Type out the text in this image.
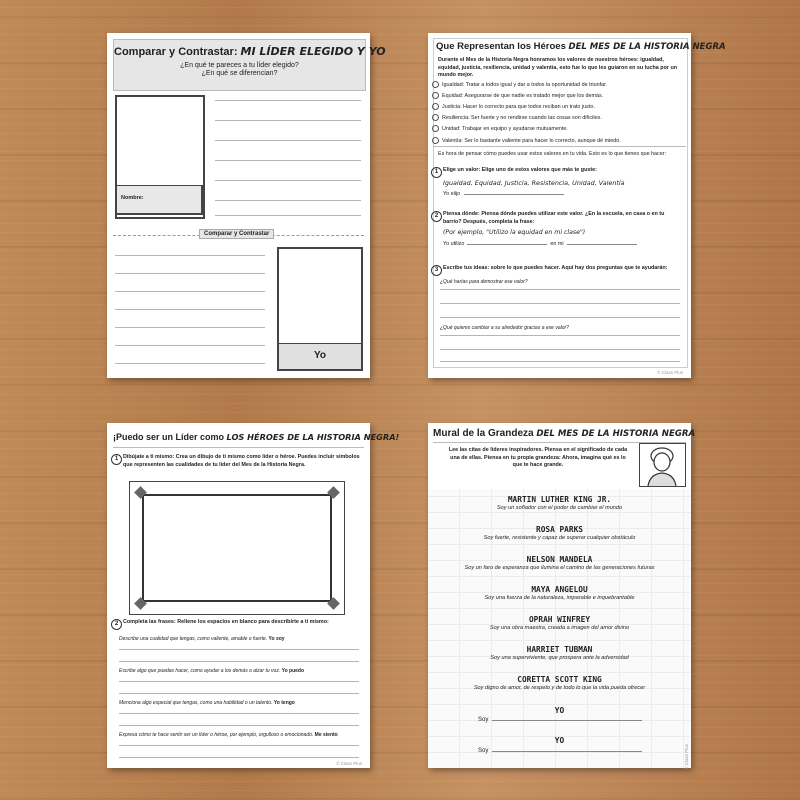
Comparar y Contrastar: MI LÍDER ELEGIDO Y YO
¿En qué te pareces a tu líder elegido?
¿En qué se diferencian?
Nombre:
Comparar y Contrastar
Yo
Que Representan los Héroes DEL MES DE LA HISTORIA NEGRA
Durante el Mes de la Historia Negra honramos los valores de nuestros héroes: igualdad, equidad, justicia, resiliencia, unidad y valentía, esto fue lo que les guiaron en su lucha por un mundo mejor.
Igualdad: Tratar a todos igual y dar a todos la oportunidad de triunfar.
Equidad: Asegurarse de que nadie es tratado mejor que los demás.
Justicia: Hacer lo correcto para que todos reciban un trato justo.
Resiliencia: Ser fuerte y no rendirse cuando las cosas son difíciles.
Unidad: Trabajar en equipo y ayudarse mutuamente.
Valentía: Ser lo bastante valiente para hacer lo correcto, aunque dé miedo.
Es hora de pensar cómo puedes usar estos valores en tu vida. Esto es lo que tienes que hacer:
1 Elige un valor: Elige uno de estos valores que más te guste:
Igualdad, Equidad, Justicia, Resistencia, Unidad, Valentía
Yo elijo
2 Piensa dónde: Piensa dónde puedes utilizar este valor. ¿En la escuela, en casa o en tu barrio? Después, completa la frase:
(Por ejemplo, "Utilizo la equidad en mi clase")
Yo utilizo	en mi
3 Escribe tus ideas: sobre lo que puedes hacer. Aquí hay dos preguntas que te ayudarán:
¿Qué harías para demostrar ese valor?
¿Qué quieres cambiar a su alrededor gracias a ese valor?
© Class Plus
¡Puedo ser un Líder como LOS HÉROES DE LA HISTORIA NEGRA!
1 Dibújate a ti mismo: Crea un dibujo de ti mismo como líder o héroe. Puedes incluir símbolos que representen las cualidades de tu líder del Mes de la Historia Negra.
2 Completa las frases: Rellene los espacios en blanco para describirte a ti mismo:
Describe una cualidad que tengas, como valiente, amable o fuerte. Yo soy
Escribe algo que puedas hacer, como ayudar a los demás o alzar tu voz. Yo puedo
Menciona algo especial que tengas, como una habilidad o un talento. Yo tengo
Expresa cómo te hace sentir ser un líder o héroe, por ejemplo, orgulloso o emocionado. Me siento
© Class Plus
Mural de la Grandeza DEL MES DE LA HISTORIA NEGRA
Lee las citas de líderes inspiradores. Piensa en el significado de cada una de ellas. Piensa en tu propia grandeza: Ahora, imagina qué es lo que te hace grande.
MARTIN LUTHER KING JR.
Soy un soñador con el poder de cambiar el mundo
ROSA PARKS
Soy fuerte, resistente y capaz de superar cualquier obstáculo
NELSON MANDELA
Soy un faro de esperanza que ilumina el camino de las generaciones futuras
MAYA ANGELOU
Soy una fuerza de la naturaleza, imparable e inquebrantable
OPRAH WINFREY
Soy una obra maestra, creada a imagen del amor divino
HARRIET TUBMAN
Soy una superviviente, que prospera ante la adversidad
CORETTA SCOTT KING
Soy digno de amor, de respeto y de todo lo que la vida pueda ofrecer
YO
Soy
YO
Soy	© Class Plus
